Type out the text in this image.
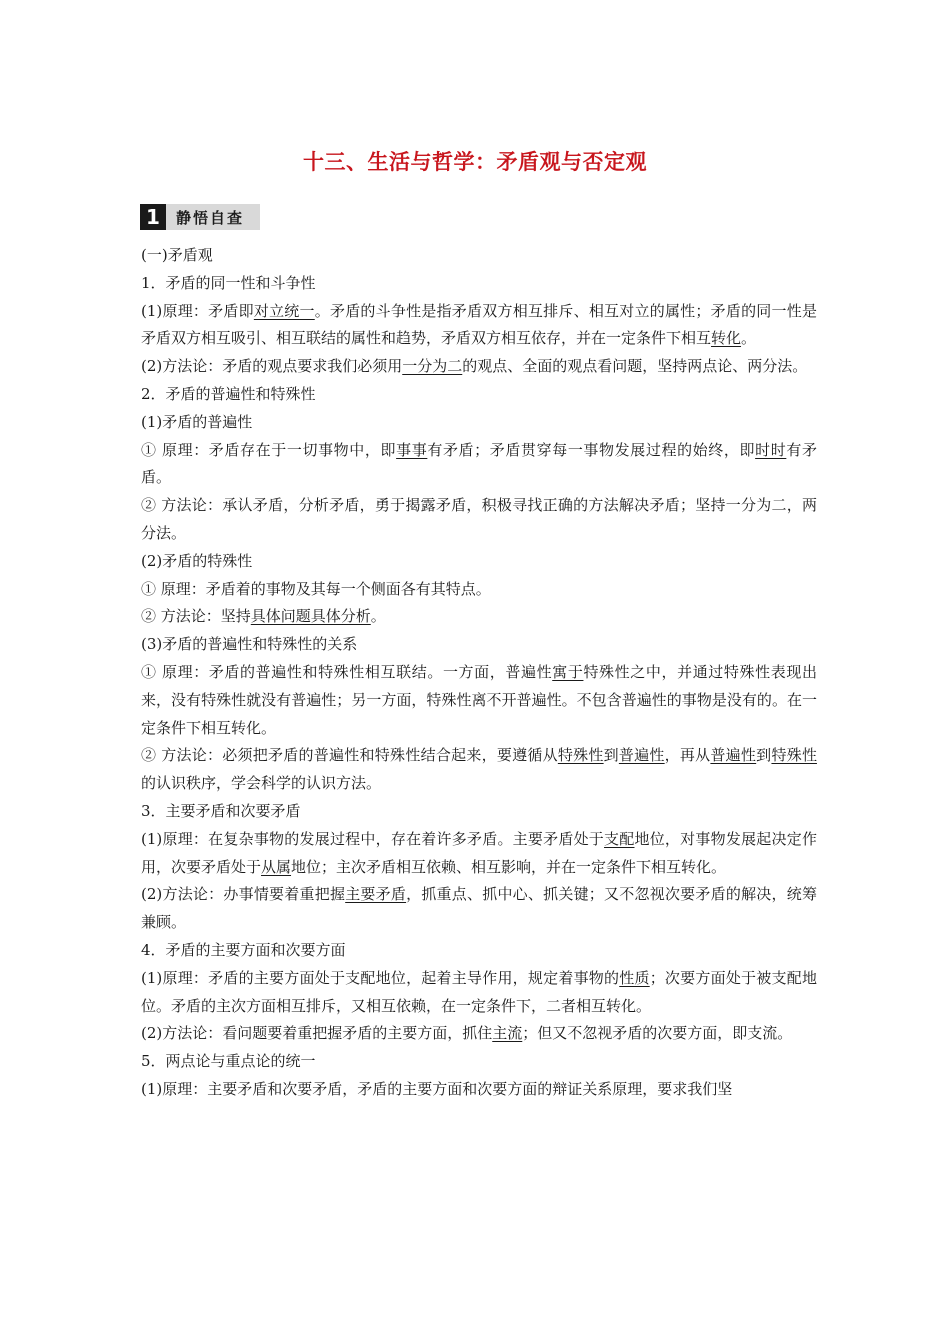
十三、生活与哲学：矛盾观与否定观
1	静悟自查

(一)矛盾观

1．矛盾的同一性和斗争性

(1)原理：矛盾即对立统一。矛盾的斗争性是指矛盾双方相互排斥、相互对立的属性；矛盾的同一性是矛盾双方相互吸引、相互联结的属性和趋势，矛盾双方相互依存，并在一定条件下相互转化。

(2)方法论：矛盾的观点要求我们必须用一分为二的观点、全面的观点看问题，坚持两点论、两分法。

2．矛盾的普遍性和特殊性

(1)矛盾的普遍性

① 原理：矛盾存在于一切事物中，即事事有矛盾；矛盾贯穿每一事物发展过程的始终，即时时有矛盾。

② 方法论：承认矛盾，分析矛盾，勇于揭露矛盾，积极寻找正确的方法解决矛盾；坚持一分为二，两分法。

(2)矛盾的特殊性

① 原理：矛盾着的事物及其每一个侧面各有其特点。

② 方法论：坚持具体问题具体分析。

(3)矛盾的普遍性和特殊性的关系

① 原理：矛盾的普遍性和特殊性相互联结。一方面，普遍性寓于特殊性之中，并通过特殊性表现出来，没有特殊性就没有普遍性；另一方面，特殊性离不开普遍性。不包含普遍性的事物是没有的。在一定条件下相互转化。

② 方法论：必须把矛盾的普遍性和特殊性结合起来，要遵循从特殊性到普遍性，再从普遍性到特殊性的认识秩序，学会科学的认识方法。

3．主要矛盾和次要矛盾

(1)原理：在复杂事物的发展过程中，存在着许多矛盾。主要矛盾处于支配地位，对事物发展起决定作用，次要矛盾处于从属地位；主次矛盾相互依赖、相互影响，并在一定条件下相互转化。

(2)方法论：办事情要着重把握主要矛盾，抓重点、抓中心、抓关键；又不忽视次要矛盾的解决，统筹兼顾。

4．矛盾的主要方面和次要方面

(1)原理：矛盾的主要方面处于支配地位，起着主导作用，规定着事物的性质；次要方面处于被支配地位。矛盾的主次方面相互排斥，又相互依赖，在一定条件下，二者相互转化。

(2)方法论：看问题要着重把握矛盾的主要方面，抓住主流；但又不忽视矛盾的次要方面，即支流。

5．两点论与重点论的统一

(1)原理：主要矛盾和次要矛盾，矛盾的主要方面和次要方面的辩证关系原理，要求我们坚
